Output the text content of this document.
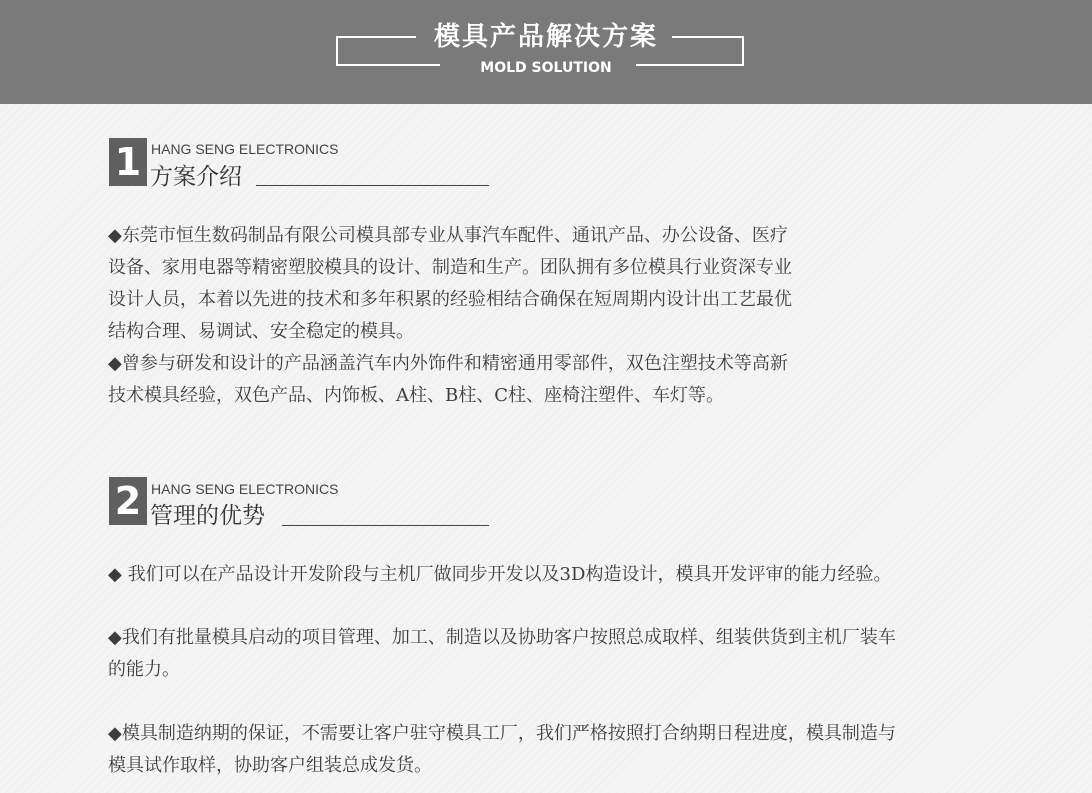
模具产品解决方案
MOLD SOLUTION
1 HANG SENG ELECTRONICS
方案介绍

◆东莞市恒生数码制品有限公司模具部专业从事汽车配件、通讯产品、办公设备、医疗

设备、家用电器等精密塑胶模具的设计、制造和生产。团队拥有多位模具行业资深专业

设计人员，本着以先进的技术和多年积累的经验相结合确保在短周期内设计出工艺最优

结构合理、易调试、安全稳定的模具。

◆曾参与研发和设计的产品涵盖汽车内外饰件和精密通用零部件，双色注塑技术等高新

技术模具经验，双色产品、内饰板、A柱、B柱、C柱、座椅注塑件、车灯等。

2 HANG SENG ELECTRONICS
管理的优势

◆ 我们可以在产品设计开发阶段与主机厂做同步开发以及3D构造设计，模具开发评审的能力经验。

◆我们有批量模具启动的项目管理、加工、制造以及协助客户按照总成取样、组装供货到主机厂装车

的能力。

◆模具制造纳期的保证，不需要让客户驻守模具工厂，我们严格按照打合纳期日程进度，模具制造与

模具试作取样，协助客户组装总成发货。
